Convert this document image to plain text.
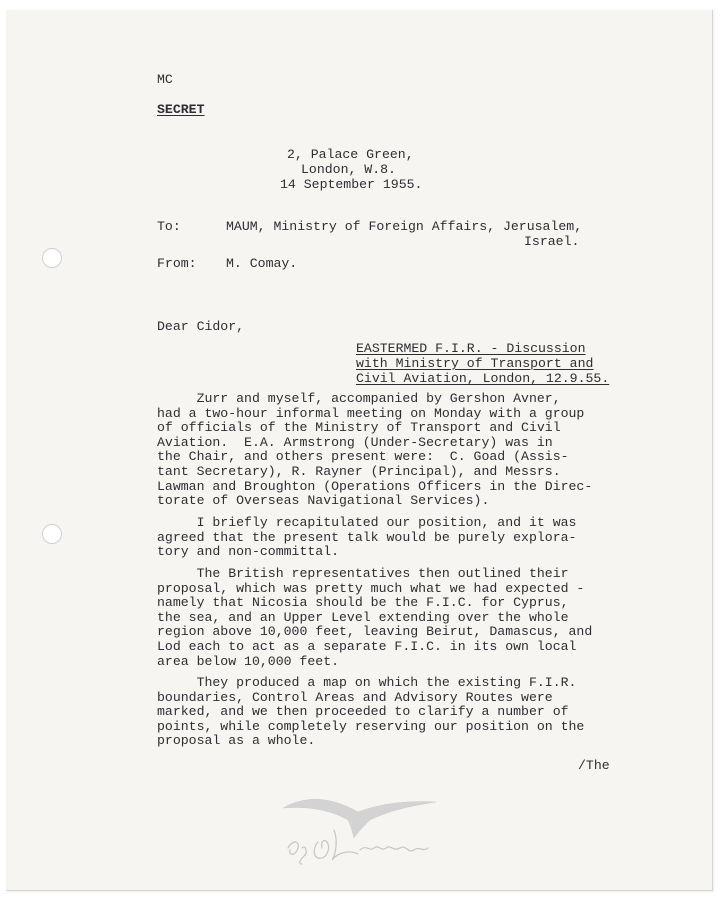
MC
SECRET
2, Palace Green,
London, W.8.
14 September 1955.
To:	MAUM, Ministry of Foreign Affairs, Jerusalem,
Israel.
From: M. Comay.
Dear Cidor,
EASTERMED F.I.R. - Discussion
with Ministry of Transport and
Civil Aviation, London, 12.9.55.
Zurr and myself, accompanied by Gershon Avner,
had a two-hour informal meeting on Monday with a group
of officials of the Ministry of Transport and Civil
Aviation.  E.A. Armstrong (Under-Secretary) was in
the Chair, and others present were:  C. Goad (Assis-
tant Secretary), R. Rayner (Principal), and Messrs.
Lawman and Broughton (Operations Officers in the Direc-
torate of Overseas Navigational Services).
I briefly recapitulated our position, and it was
agreed that the present talk would be purely explora-
tory and non-committal.
The British representatives then outlined their
proposal, which was pretty much what we had expected -
namely that Nicosia should be the F.I.C. for Cyprus,
the sea, and an Upper Level extending over the whole
region above 10,000 feet, leaving Beirut, Damascus, and
Lod each to act as a separate F.I.C. in its own local
area below 10,000 feet.
They produced a map on which the existing F.I.R.
boundaries, Control Areas and Advisory Routes were
marked, and we then proceeded to clarify a number of
points, while completely reserving our position on the
proposal as a whole.
/The
